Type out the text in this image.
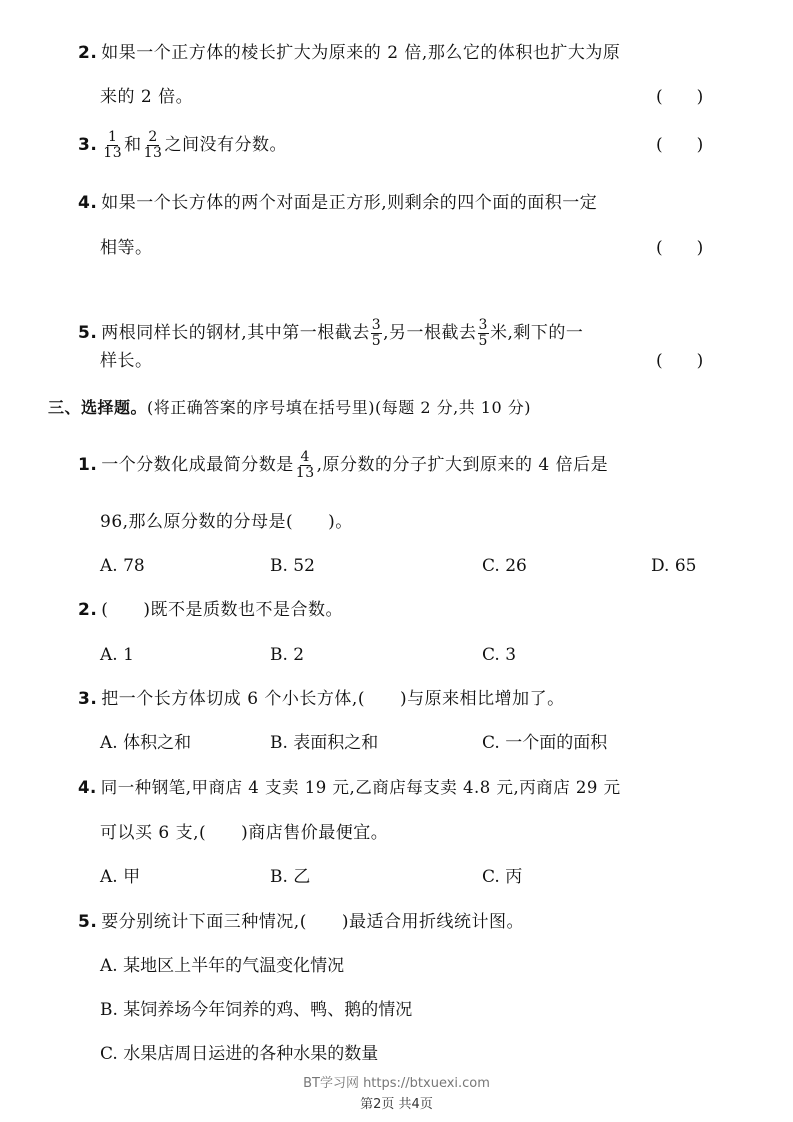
2. 如果一个正方体的棱长扩大为原来的 2 倍,那么它的体积也扩大为原
来的 2 倍。	(　　)
3. $\frac{1}{13}$ 和 $\frac{2}{13}$ 之间没有分数。	(　　)
4. 如果一个长方体的两个对面是正方形,则剩余的四个面的面积一定
相等。	(　　)
5. 两根同样长的钢材,其中第一根截去 $\frac{3}{5}$ ,另一根截去 $\frac{3}{5}$ 米,剩下的一
样长。	(　　)
三、选择题。(将正确答案的序号填在括号里)(每题 2 分,共 10 分)
1. 一个分数化成最简分数是 $\frac{4}{13}$ ,原分数的分子扩大到原来的 4 倍后是
96,那么原分数的分母是(　　)。
A. 78	B. 52	C. 26	D. 65
2. (　　)既不是质数也不是合数。
A. 1	B. 2	C. 3
3. 把一个长方体切成 6 个小长方体,(　　)与原来相比增加了。
A. 体积之和	B. 表面积之和	C. 一个面的面积
4. 同一种钢笔,甲商店 4 支卖 19 元,乙商店每支卖 4.8 元,丙商店 29 元
可以买 6 支,(　　)商店售价最便宜。
A. 甲	B. 乙	C. 丙
5. 要分别统计下面三种情况,(　　)最适合用折线统计图。
A. 某地区上半年的气温变化情况
B. 某饲养场今年饲养的鸡、鸭、鹅的情况
C. 水果店周日运进的各种水果的数量
BT学习网 https://btxuexi.com
第2页 共4页
